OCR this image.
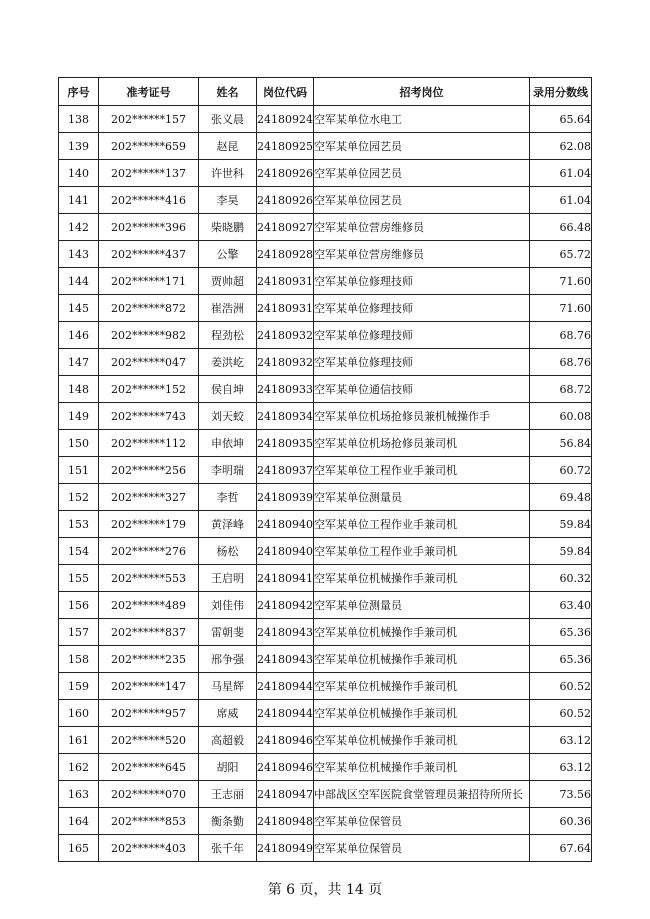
序号	准考证号	姓名	岗位代码	招考岗位	录用分数线
138	202******157	张义晨	24180924	空军某单位水电工	65.64
139	202******659	赵昆	24180925	空军某单位园艺员	62.08
140	202******137	许世科	24180926	空军某单位园艺员	61.04
141	202******416	李昊	24180926	空军某单位园艺员	61.04
142	202******396	柴晓鹏	24180927	空军某单位营房维修员	66.48
143	202******437	公擎	24180928	空军某单位营房维修员	65.72
144	202******171	贾帅超	24180931	空军某单位修理技师	71.60
145	202******872	崔浩洲	24180931	空军某单位修理技师	71.60
146	202******982	程劲松	24180932	空军某单位修理技师	68.76
147	202******047	姜洪屹	24180932	空军某单位修理技师	68.76
148	202******152	侯自坤	24180933	空军某单位通信技师	68.72
149	202******743	刘天蛟	24180934	空军某单位机场抢修员兼机械操作手	60.08
150	202******112	申依坤	24180935	空军某单位机场抢修员兼司机	56.84
151	202******256	李明瑞	24180937	空军某单位工程作业手兼司机	60.72
152	202******327	李哲	24180939	空军某单位测量员	69.48
153	202******179	黄泽峰	24180940	空军某单位工程作业手兼司机	59.84
154	202******276	杨松	24180940	空军某单位工程作业手兼司机	59.84
155	202******553	王启明	24180941	空军某单位机械操作手兼司机	60.32
156	202******489	刘佳伟	24180942	空军某单位测量员	63.40
157	202******837	雷朝斐	24180943	空军某单位机械操作手兼司机	65.36
158	202******235	邢争强	24180943	空军某单位机械操作手兼司机	65.36
159	202******147	马星辉	24180944	空军某单位机械操作手兼司机	60.52
160	202******957	席威	24180944	空军某单位机械操作手兼司机	60.52
161	202******520	高超毅	24180946	空军某单位机械操作手兼司机	63.12
162	202******645	胡阳	24180946	空军某单位机械操作手兼司机	63.12
163	202******070	王志丽	24180947	中部战区空军医院食堂管理员兼招待所所长	73.56
164	202******853	衡条勤	24180948	空军某单位保管员	60.36
165	202******403	张千年	24180949	空军某单位保管员	67.64
第 6 页，共 14 页
